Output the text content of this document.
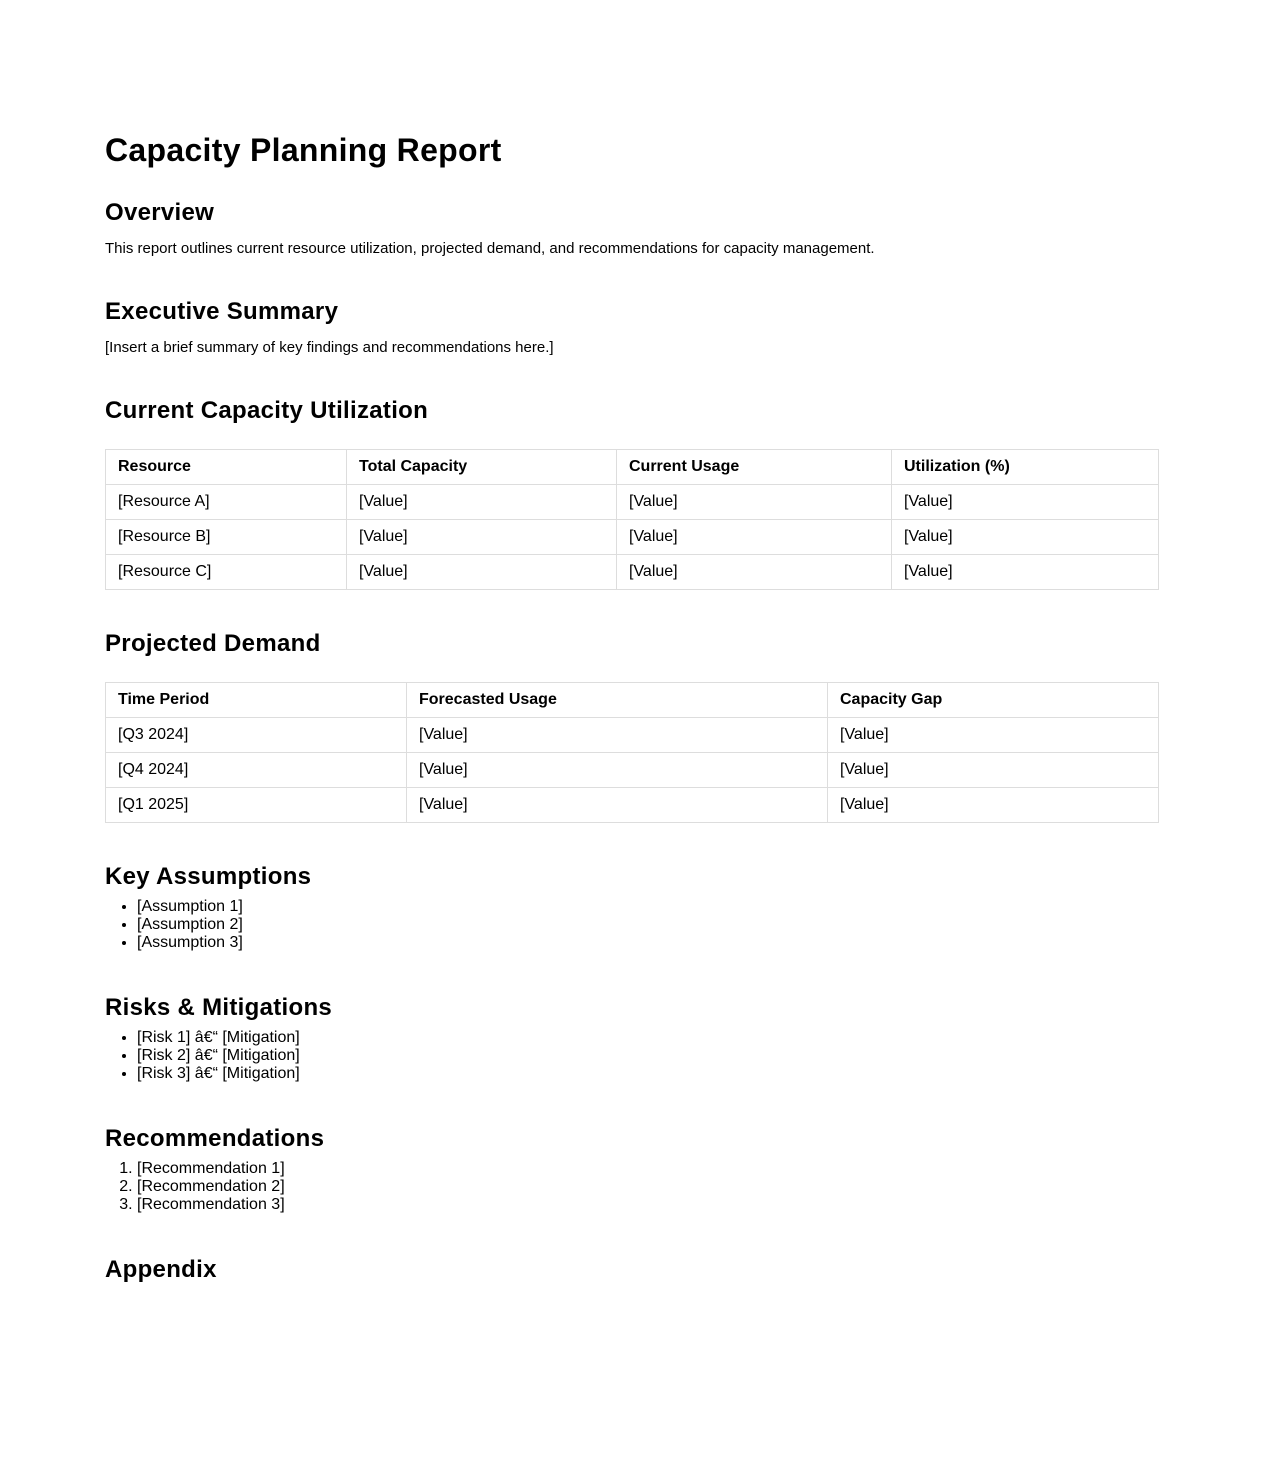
Capacity Planning Report
Overview

This report outlines current resource utilization, projected demand, and recommendations for capacity management.

Executive Summary

[Insert a brief summary of key findings and recommendations here.]

Current Capacity Utilization
Resource	Total Capacity	Current Usage	Utilization (%)
[Resource A]	[Value]	[Value]	[Value]
[Resource B]	[Value]	[Value]	[Value]
[Resource C]	[Value]	[Value]	[Value]
Projected Demand
Time Period	Forecasted Usage	Capacity Gap
[Q3 2024]	[Value]	[Value]
[Q4 2024]	[Value]	[Value]
[Q1 2025]	[Value]	[Value]
Key Assumptions
• [Assumption 1]
• [Assumption 2]
• [Assumption 3]
Risks & Mitigations
• [Risk 1] â€“ [Mitigation]
• [Risk 2] â€“ [Mitigation]
• [Risk 3] â€“ [Mitigation]
Recommendations
1. [Recommendation 1]
2. [Recommendation 2]
3. [Recommendation 3]
Appendix
